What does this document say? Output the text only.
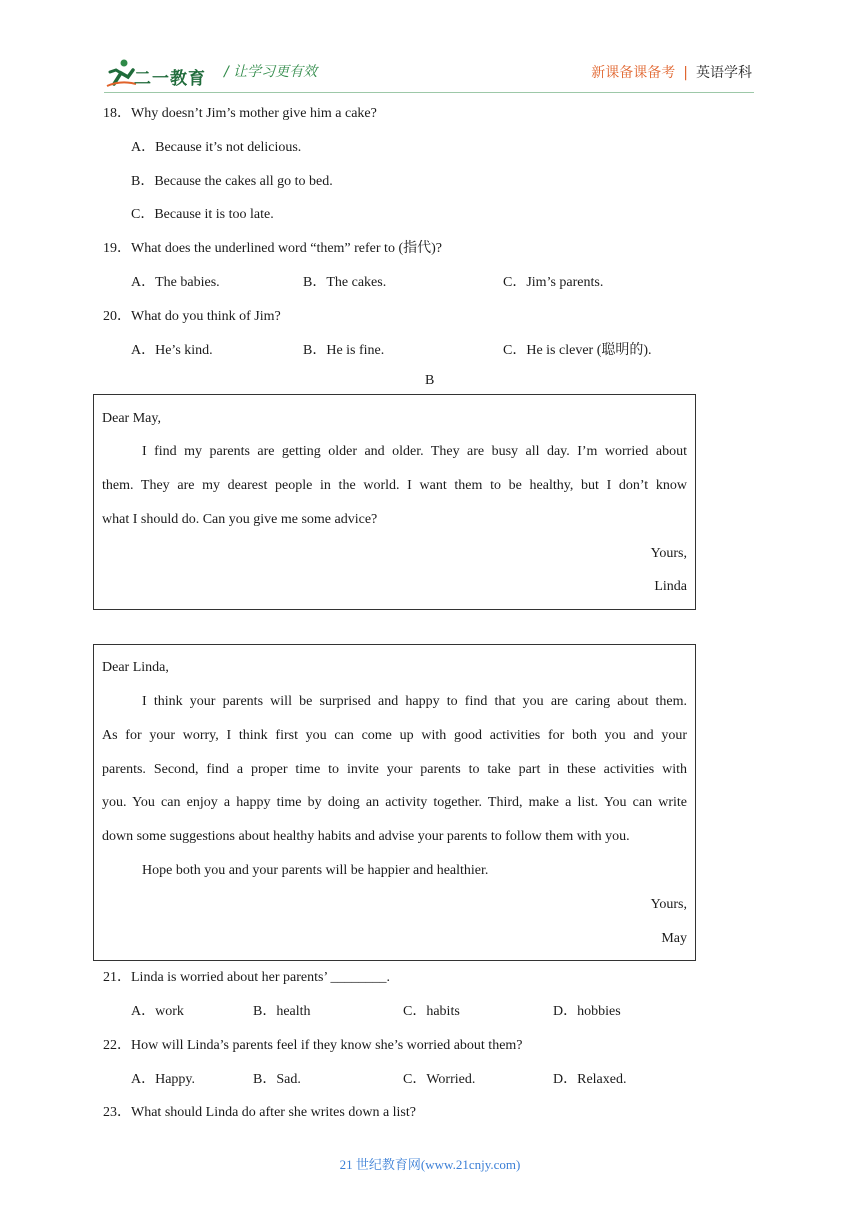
二一教育 / 让学习更有效	新课备课备考 | 英语学科
18．Why doesn’t Jim’s mother give him a cake?
A．Because it’s not delicious.
B．Because the cakes all go to bed.
C．Because it is too late.
19．What does the underlined word “them” refer to (指代)?
A．The babies.	B．The cakes.	C．Jim’s parents.
20．What do you think of Jim?
A．He’s kind.	B．He is fine.	C．He is clever (聪明的).
B
Dear May,
I find my parents are getting older and older. They are busy all day. I’m worried about
them. They are my dearest people in the world. I want them to be healthy, but I don’t know
what I should do. Can you give me some advice?
Yours,
Linda
Dear Linda,
I think your parents will be surprised and happy to find that you are caring about them.
As for your worry, I think first you can come up with good activities for both you and your
parents. Second, find a proper time to invite your parents to take part in these activities with
you. You can enjoy a happy time by doing an activity together. Third, make a list. You can write
down some suggestions about healthy habits and advise your parents to follow them with you.
Hope both you and your parents will be happier and healthier.
Yours,
May
21．Linda is worried about her parents’ ________.
A．work	B．health	C．habits	D．hobbies
22．How will Linda’s parents feel if they know she’s worried about them?
A．Happy.	B．Sad.	C．Worried.	D．Relaxed.
23．What should Linda do after she writes down a list?
21 世纪教育网(www.21cnjy.com)
